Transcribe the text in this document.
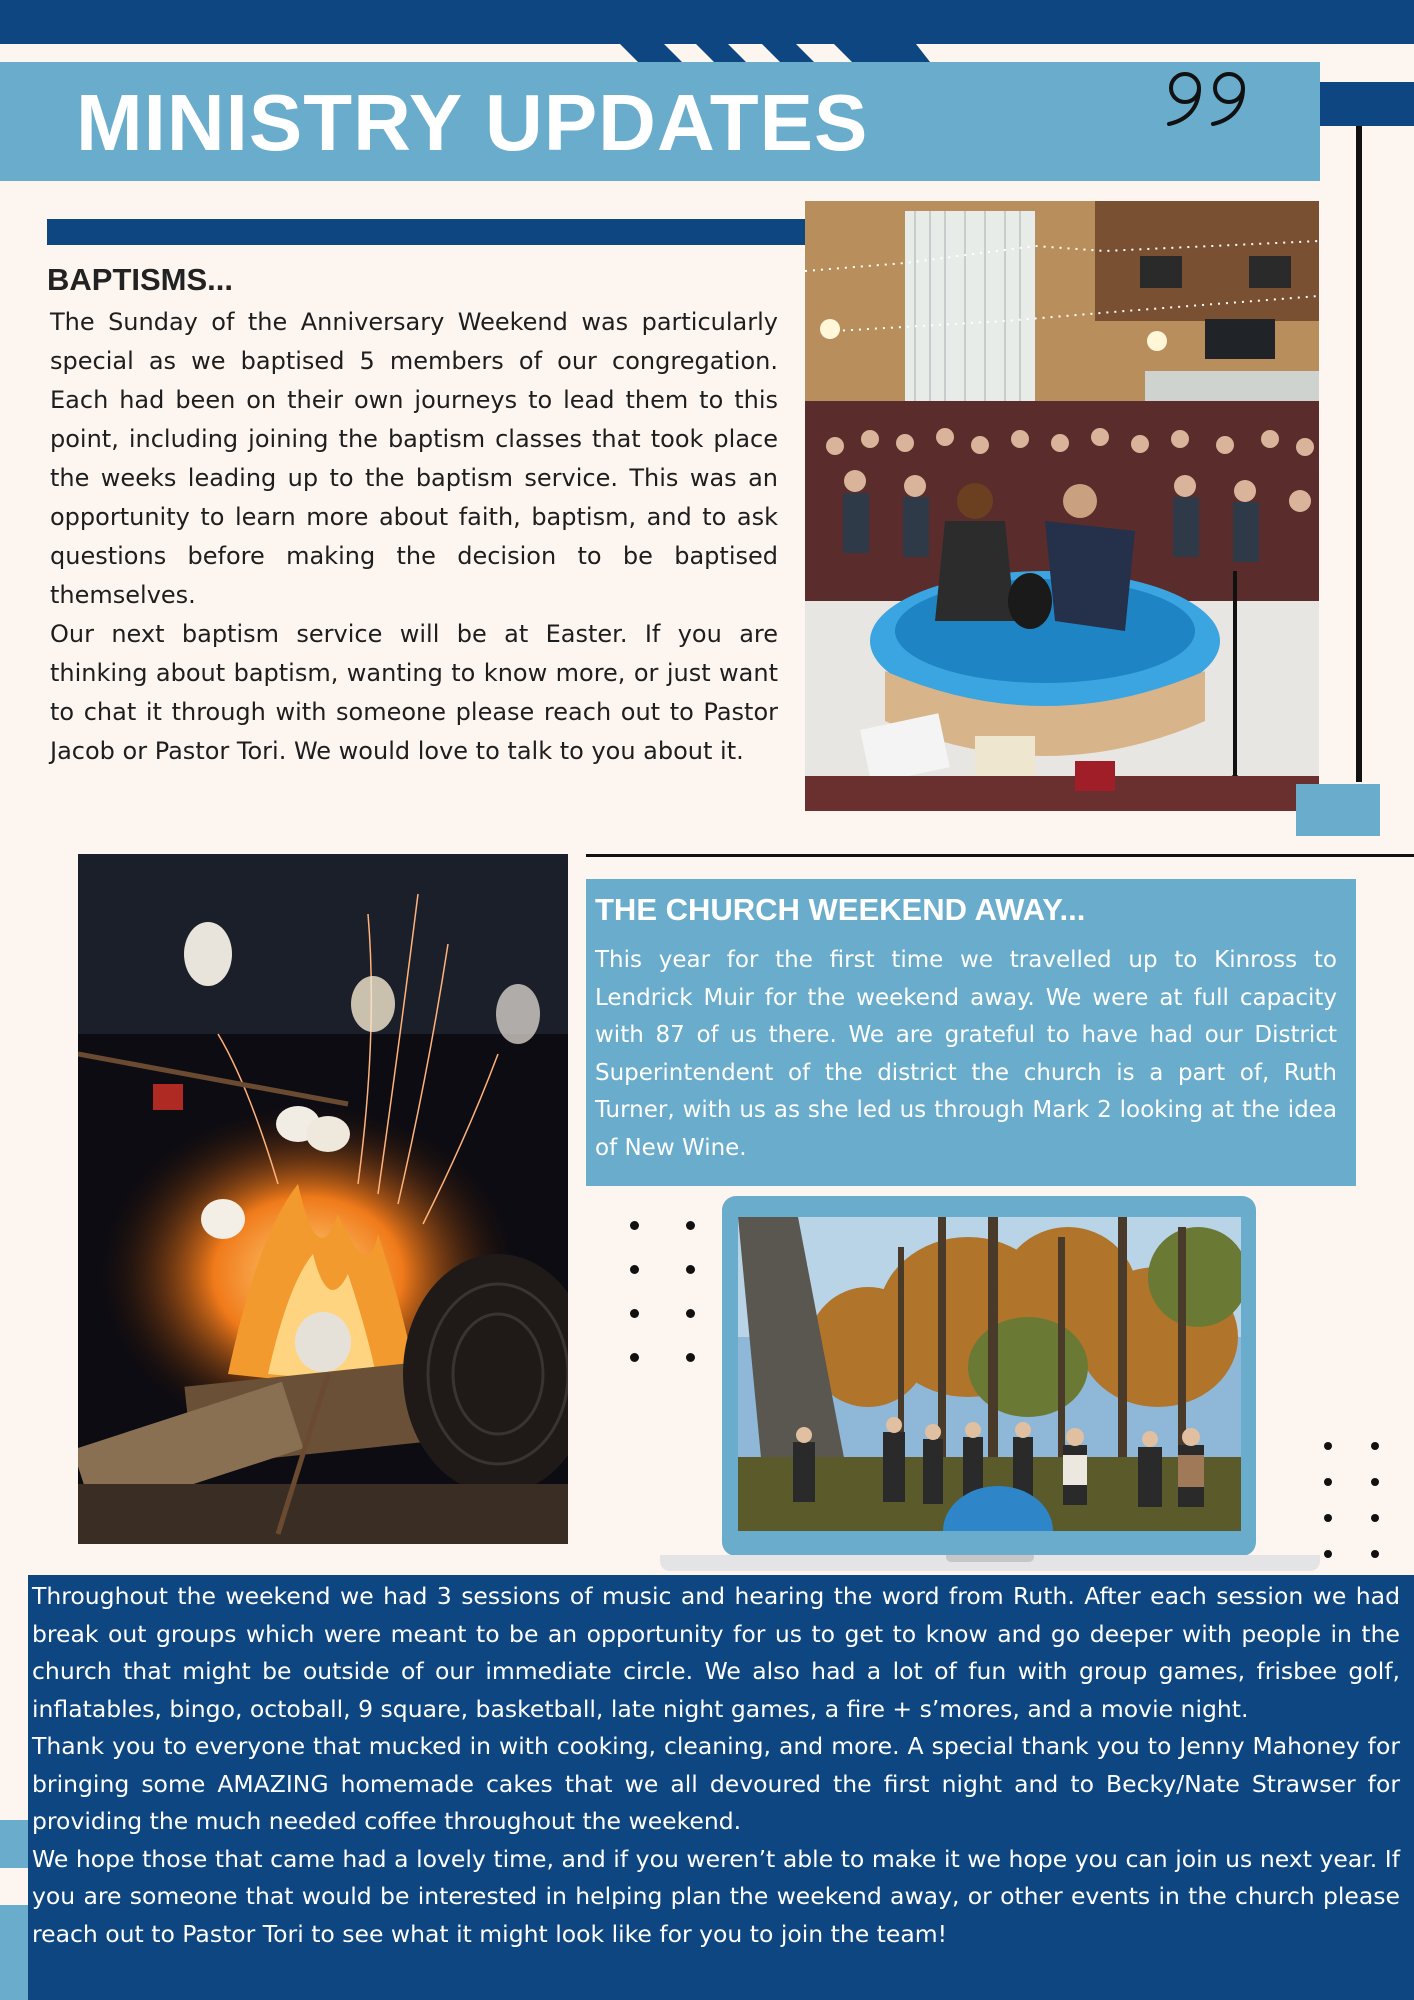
MINISTRY UPDATES
BAPTISMS...

The Sunday of the Anniversary Weekend was particularly special as we baptised 5 members of our congregation. Each had been on their own journeys to lead them to this point, including joining the baptism classes that took place the weeks leading up to the baptism service. This was an opportunity to learn more about faith, baptism, and to ask questions before making the decision to be baptised themselves.

Our next baptism service will be at Easter. If you are thinking about baptism, wanting to know more, or just want to chat it through with someone please reach out to Pastor Jacob or Pastor Tori. We would love to talk to you about it.

THE CHURCH WEEKEND AWAY...

This year for the first time we travelled up to Kinross to Lendrick Muir for the weekend away. We were at full capacity with 87 of us there. We are grateful to have had our District Superintendent of the district the church is a part of, Ruth Turner, with us as she led us through Mark 2 looking at the idea of New Wine.

Throughout the weekend we had 3 sessions of music and hearing the word from Ruth. After each session we had break out groups which were meant to be an opportunity for us to get to know and go deeper with people in the church that might be outside of our immediate circle. We also had a lot of fun with group games, frisbee golf, inflatables, bingo, octoball, 9 square, basketball, late night games, a fire + s’mores, and a movie night.

Thank you to everyone that mucked in with cooking, cleaning, and more. A special thank you to Jenny Mahoney for bringing some AMAZING homemade cakes that we all devoured the first night and to Becky/Nate Strawser for providing the much needed coffee throughout the weekend.

We hope those that came had a lovely time, and if you weren’t able to make it we hope you can join us next year. If you are someone that would be interested in helping plan the weekend away, or other events in the church please reach out to Pastor Tori to see what it might look like for you to join the team!
